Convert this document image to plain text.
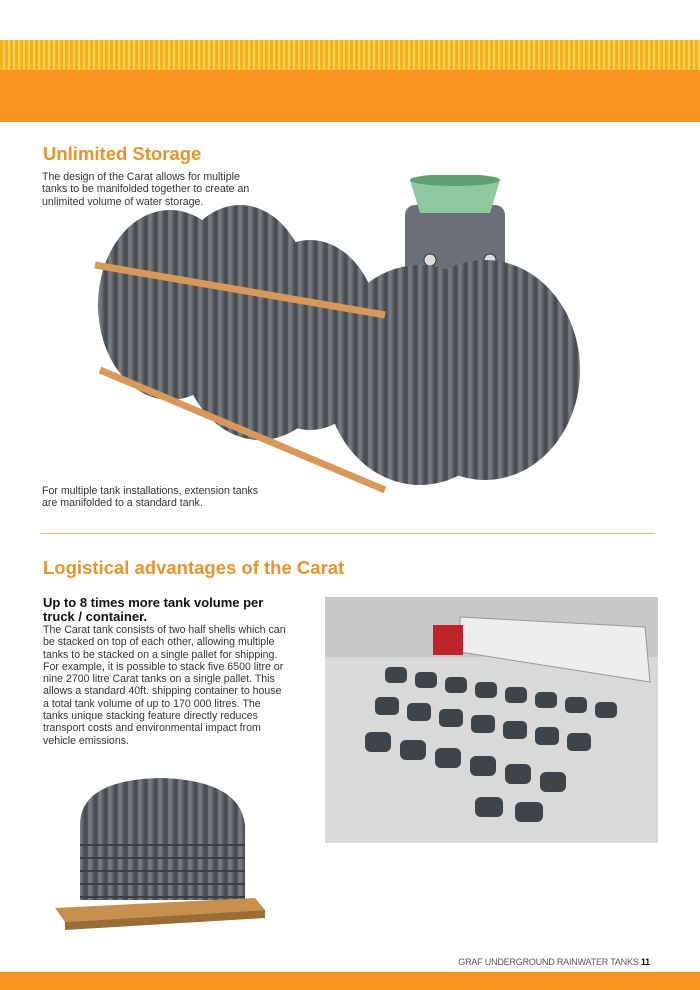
Unlimited Storage

The design of the Carat allows for multiple tanks to be manifolded together to create an unlimited volume of water storage.

For multiple tank installations, extension tanks are manifolded to a standard tank.

Logistical advantages of the Carat

Up to 8 times more tank volume per truck / container.

The Carat tank consists of two half shells which can be stacked on top of each other, allowing multiple tanks to be stacked on a single pallet for shipping. For example, it is possible to stack five 6500 litre or nine 2700 litre Carat tanks on a single pallet. This allows a standard 40ft. shipping container to house a total tank volume of up to 170 000 litres. The tanks unique stacking feature directly reduces transport costs and environmental impact from vehicle emissions.

GRAF UNDERGROUND RAINWATER TANKS 11
